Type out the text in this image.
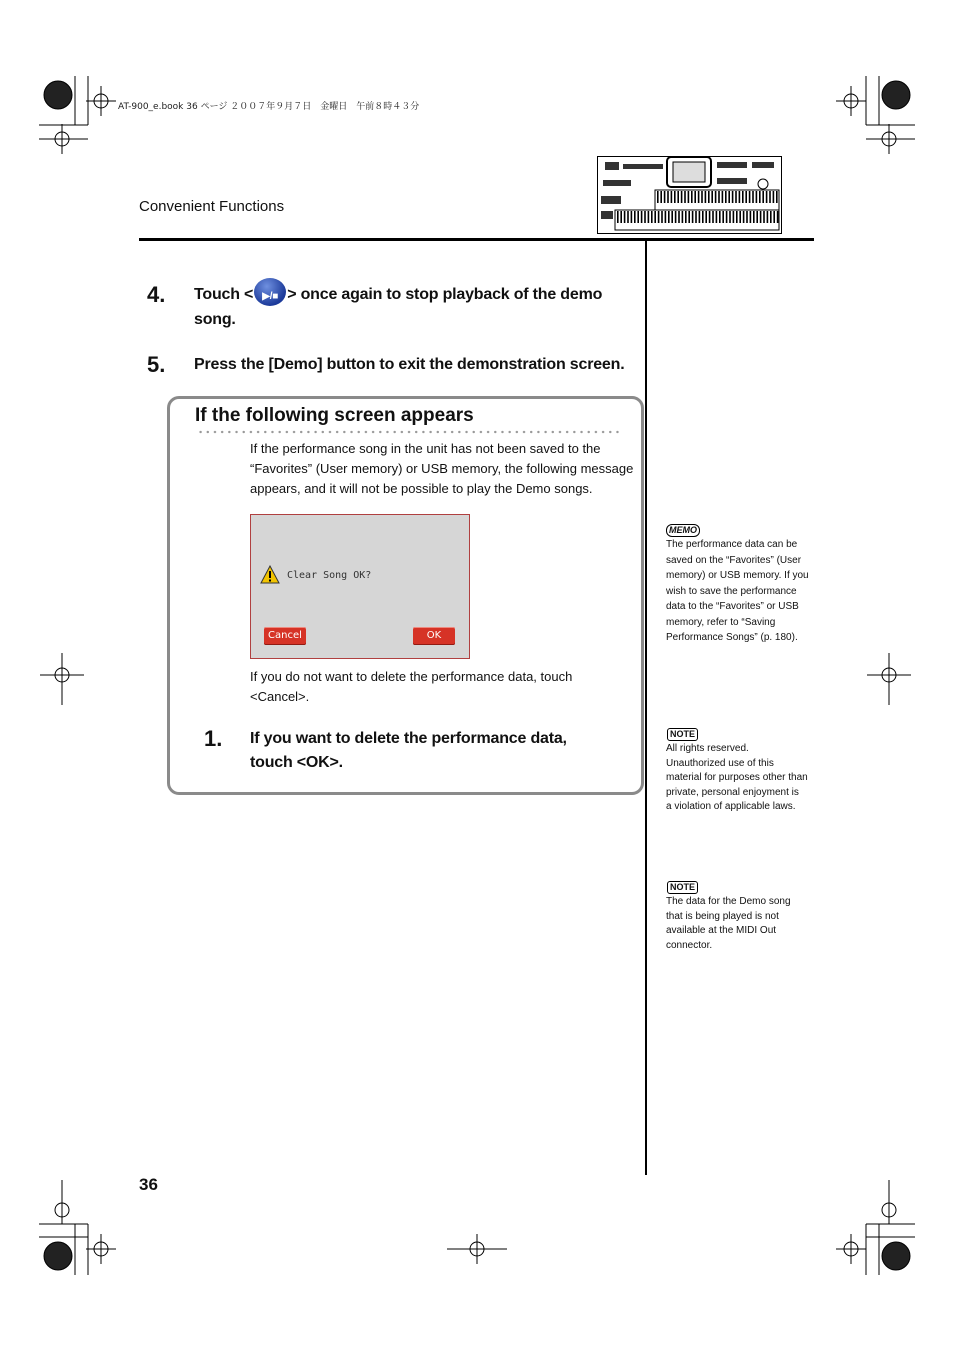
AT-900_e.book 36 ページ ２００７年９月７日　金曜日　午前８時４３分
Convenient Functions
4. Touch < ▶/■ > once again to stop playback of the demo
song.
5. Press the [Demo] button to exit the demonstration screen.
If the following screen appears
If the performance song in the unit has not been saved to the
“Favorites” (User memory) or USB memory, the following message
appears, and it will not be possible to play the Demo songs.
Clear Song OK?
Cancel	OK
If you do not want to delete the performance data, touch
<Cancel>.
1. If you want to delete the performance data,
touch <OK>.
MEMO
The performance data can be
saved on the “Favorites” (User
memory) or USB memory. If you
wish to save the performance
data to the “Favorites” or USB
memory, refer to “Saving
Performance Songs” (p. 180).
NOTE
All rights reserved.
Unauthorized use of this
material for purposes other than
private, personal enjoyment is
a violation of applicable laws.
NOTE
The data for the Demo song
that is being played is not
available at the MIDI Out
connector.
36
